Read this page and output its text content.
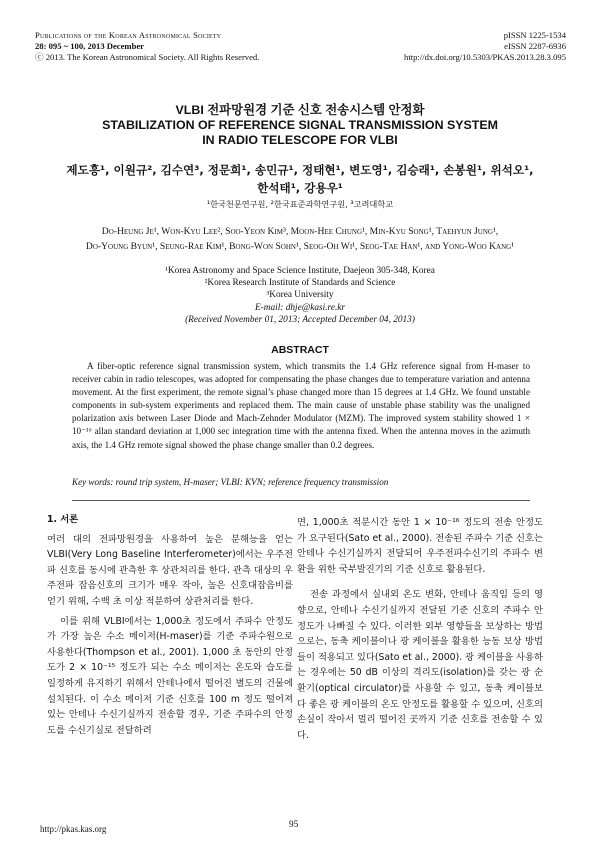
Publications of the Korean Astronomical Society
28: 095 ~ 100, 2013 December
ⓒ 2013. The Korean Astronomical Society. All Rights Reserved.
pISSN 1225-1534
eISSN 2287-6936
http://dx.doi.org/10.5303/PKAS.2013.28.3.095
VLBI 전파망원경 기준 신호 전송시스템 안정화
STABILIZATION OF REFERENCE SIGNAL TRANSMISSION SYSTEM
IN RADIO TELESCOPE FOR VLBI
제도흥¹, 이원규², 김수연³, 정문희¹, 송민규¹, 정태현¹, 변도영¹, 김승래¹, 손봉원¹, 위석오¹,
한석태¹, 강용우¹
¹한국천문연구원, ²한국표준과학연구원, ³고려대학교
Do-Heung Je¹, Won-Kyu Lee², Soo-Yeon Kim³, Moon-Hee Chung¹, Min-Kyu Song¹, Taehyun Jung¹,
Do-Young Byun¹, Seung-Rae Kim¹, Bong-Won Sohn¹, Seog-Oh Wi¹, Seog-Tae Han¹, and Yong-Woo Kang¹
¹Korea Astronomy and Space Science Institute, Daejeon 305-348, Korea
²Korea Research Institute of Standards and Science
³Korea University
E-mail: dhje@kasi.re.kr
(Received November 01, 2013; Accepted December 04, 2013)
ABSTRACT
A fiber-optic reference signal transmission system, which transmits the 1.4 GHz reference signal from H-maser to receiver cabin in radio telescopes, was adopted for compensating the phase changes due to temperature variation and antenna movement. At the first experiment, the remote signal’s phase changed more than 15 degrees at 1.4 GHz. We found unstable components in sub-system experiments and replaced them. The main cause of unstable phase stability was the unaligned polarization axis between Laser Diode and Mach-Zehnder Modulator (MZM). The improved system stability showed 1 × 10⁻¹⁶ allan standard deviation at 1,000 sec integration time with the antenna fixed. When the antenna moves in the azimuth axis, the 1.4 GHz remote signal showed the phase change smaller than 0.2 degrees.
Key words: round trip system, H-maser; VLBI: KVN; reference frequency transmission

1. 서론

여러 대의 전파망원경을 사용하여 높은 분해능을 얻는 VLBI(Very Long Baseline Interferometer)에서는 우주전파 신호를 동시에 관측한 후 상관처리를 한다. 관측 대상의 우주전파 잡음신호의 크기가 매우 작아, 높은 신호대잡음비를 얻기 위해, 수백 초 이상 적분하여 상관처리를 한다.

이를 위해 VLBI에서는 1,000초 정도에서 주파수 안정도가 가장 높은 수소 메이저(H-maser)를 기준 주파수원으로 사용한다(Thompson et al., 2001). 1,000 초 동안의 안정도가 2 × 10⁻¹⁵ 정도가 되는 수소 메이저는 온도와 습도를 일정하게 유지하기 위해서 안테나에서 떨어진 별도의 건물에 설치된다. 이 수소 메이저 기준 신호를 100 m 정도 떨어져 있는 안테나 수신기실까지 전송할 경우, 기준 주파수의 안정도를 수신기실로 전달하려

면, 1,000초 적분시간 동안 1 × 10⁻¹⁶ 정도의 전송 안정도가 요구된다(Sato et al., 2000). 전송된 주파수 기준 신호는 안테나 수신기실까지 전달되어 우주전파수신기의 주파수 변환을 위한 국부발진기의 기준 신호로 활용된다.

전송 과정에서 실내외 온도 변화, 안테나 움직임 등의 영향으로, 안테나 수신기실까지 전달된 기준 신호의 주파수 안정도가 나빠질 수 있다. 이러한 외부 영향들을 보상하는 방법으로는, 동축 케이블이나 광 케이블을 활용한 능동 보상 방법들이 적용되고 있다(Sato et al., 2000). 광 케이블을 사용하는 경우에는 50 dB 이상의 격리도(isolation)를 갖는 광 순환기(optical circulator)를 사용할 수 있고, 동축 케이블보다 좋은 광 케이블의 온도 안정도를 활용할 수 있으며, 신호의 손실이 작아서 멀리 떨어진 곳까지 기준 신호를 전송할 수 있다.

http://pkas.kas.org	95
